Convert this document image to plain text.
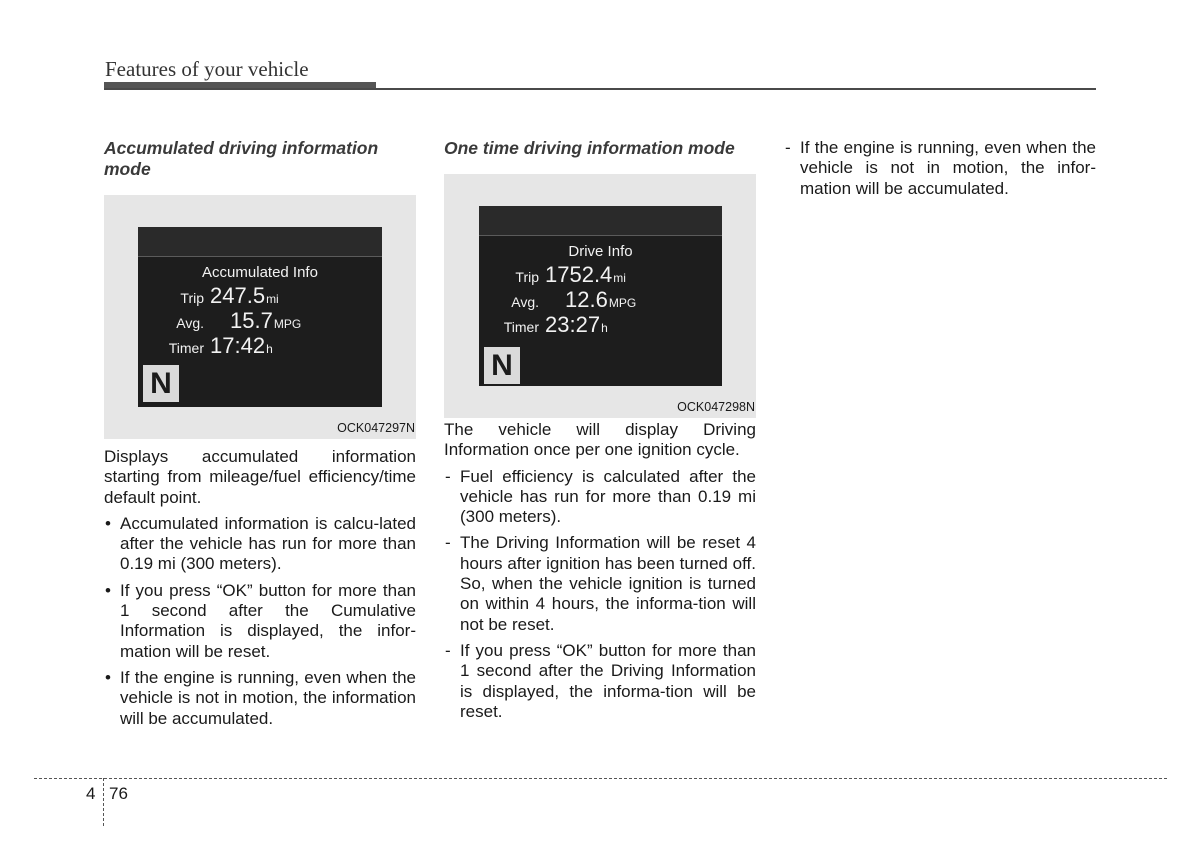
Features of your vehicle
Accumulated driving information mode
Accumulated Info
Trip 247.5mi
Avg. 15.7MPG
Timer 17:42h
N
OCK047297N

Displays accumulated information starting from mileage/fuel efficiency/time default point.

• Accumulated information is calcu-lated after the vehicle has run for more than 0.19 mi (300 meters).
• If you press “OK” button for more than 1 second after the Cumulative Information is displayed, the infor-mation will be reset.
• If the engine is running, even when the vehicle is not in motion, the information will be accumulated.
One time driving information mode
Drive Info
Trip 1752.4mi
Avg. 12.6MPG
Timer 23:27h
N
OCK047298N

The vehicle will display Driving Information once per one ignition cycle.

- Fuel efficiency is calculated after the vehicle has run for more than 0.19 mi (300 meters).
- The Driving Information will be reset 4 hours after ignition has been turned off. So, when the vehicle ignition is turned on within 4 hours, the informa-tion will not be reset.
- If you press “OK” button for more than 1 second after the Driving Information is displayed, the informa-tion will be reset.
- If the engine is running, even when the vehicle is not in motion, the infor-mation will be accumulated.
4 76
